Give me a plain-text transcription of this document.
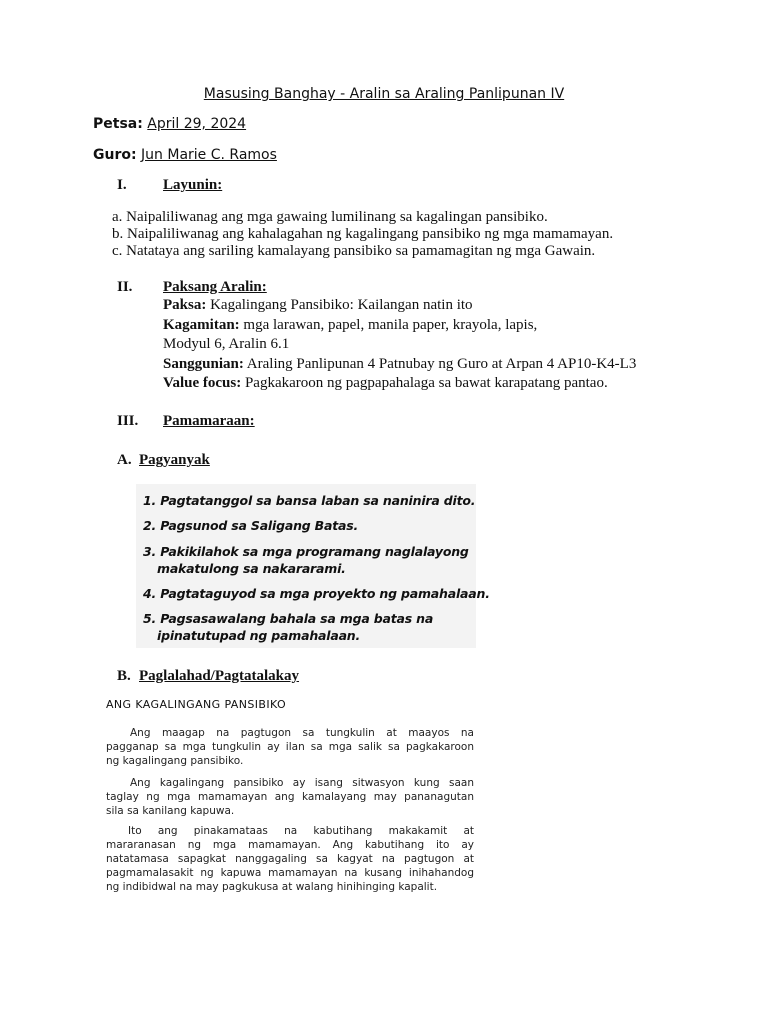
Masusing Banghay - Aralin sa Araling Panlipunan IV
Petsa: April 29, 2024
Guro: Jun Marie C. Ramos
I. Layunin:
a. Naipaliliwanag ang mga gawaing lumilinang sa kagalingan pansibiko.
b. Naipaliliwanag ang kahalagahan ng kagalingang pansibiko ng mga mamamayan.
c. Natataya ang sariling kamalayang pansibiko sa pamamagitan ng mga Gawain.
II. Paksang Aralin:
Paksa: Kagalingang Pansibiko: Kailangan natin ito
Kagamitan: mga larawan, papel, manila paper, krayola, lapis,
Modyul 6, Aralin 6.1
Sanggunian: Araling Panlipunan 4 Patnubay ng Guro at Arpan 4 AP10-K4-L3
Value focus: Pagkakaroon ng pagpapahalaga sa bawat karapatang pantao.
III. Pamamaraan:
A. Pagyanyak
1. Pagtatanggol sa bansa laban sa naninira dito.
2. Pagsunod sa Saligang Batas.
3. Pakikilahok sa mga programang naglalayong
makatulong sa nakararami.
4. Pagtataguyod sa mga proyekto ng pamahalaan.
5. Pagsasawalang bahala sa mga batas na
ipinatutupad ng pamahalaan.
B. Paglalahad/Pagtatalakay
ANG KAGALINGANG PANSIBIKO
Ang maagap na pagtugon sa tungkulin at maayos na
pagganap sa mga tungkulin ay ilan sa mga salik sa pagkakaroon
ng kagalingang pansibiko.
Ang kagalingang pansibiko ay isang sitwasyon kung saan
taglay ng mga mamamayan ang kamalayang may pananagutan
sila sa kanilang kapuwa.
Ito ang pinakamataas na kabutihang makakamit at
mararanasan ng mga mamamayan. Ang kabutihang ito ay
natatamasa sapagkat nanggagaling sa kagyat na pagtugon at
pagmamalasakit ng kapuwa mamamayan na kusang inihahandog
ng indibidwal na may pagkukusa at walang hinihinging kapalit.
